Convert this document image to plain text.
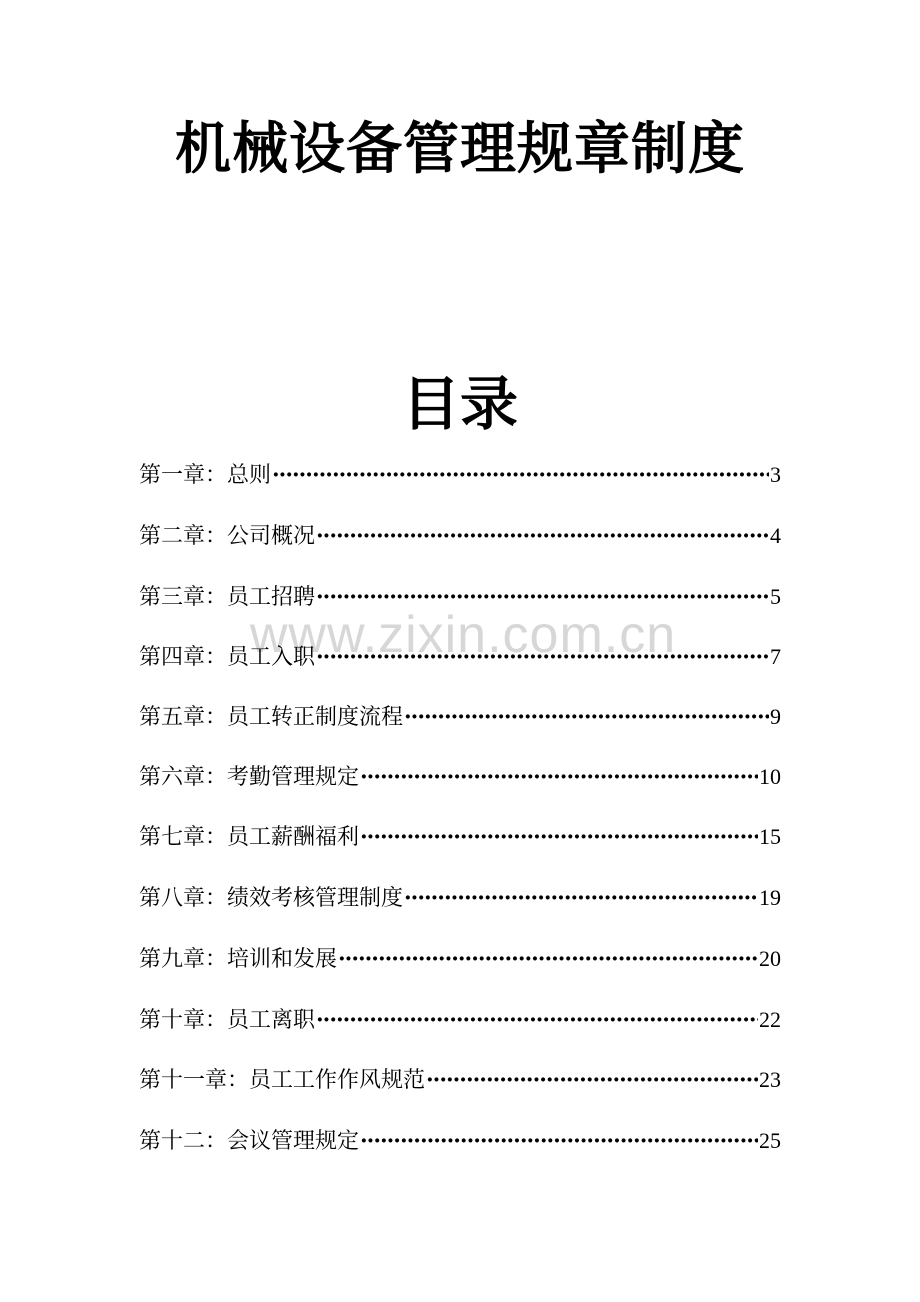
机械设备管理规章制度
目录
www.zixin.com.cn
第一章：总则 ·····	3
第二章：公司概况 ·····	4
第三章：员工招聘 ·····	5
第四章：员工入职 ·····	7
第五章：员工转正制度流程 ·····	9
第六章：考勤管理规定 ·····	10
第七章：员工薪酬福利 ·····	15
第八章：绩效考核管理制度 ·····	19
第九章：培训和发展 ·····	20
第十章：员工离职 ·····	22
第十一章：员工工作作风规范 ·····	23
第十二：会议管理规定 ·····	25
